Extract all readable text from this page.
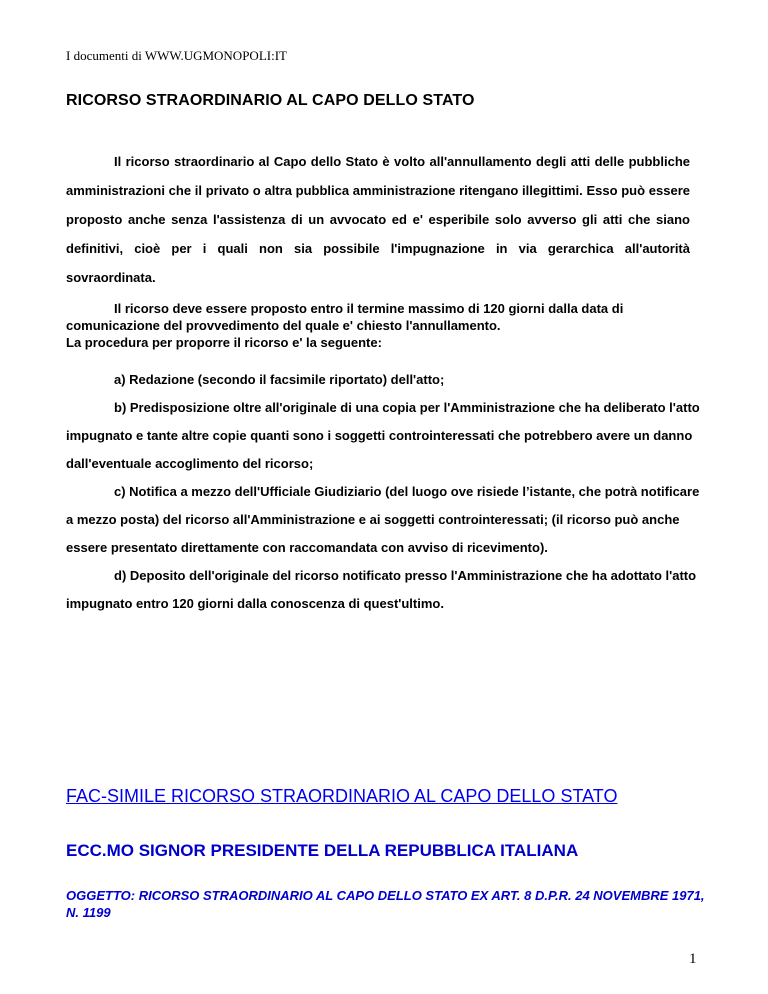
I documenti di WWW.UGMONOPOLI:IT
RICORSO STRAORDINARIO AL CAPO DELLO STATO

Il ricorso straordinario al Capo dello Stato è volto all'annullamento degli atti delle pubbliche amministrazioni che il privato o altra pubblica amministrazione ritengano illegittimi. Esso può essere proposto anche senza l'assistenza di un avvocato ed e' esperibile solo avverso gli atti che siano definitivi, cioè per i quali non sia possibile l'impugnazione in via gerarchica all'autorità sovraordinata.

Il ricorso deve essere proposto entro il termine massimo di 120 giorni dalla data di comunicazione del provvedimento del quale e' chiesto l'annullamento.

La procedura per proporre il ricorso e' la seguente:

a) Redazione (secondo il facsimile riportato) dell'atto;

b) Predisposizione oltre all'originale di una copia per l'Amministrazione che ha deliberato l'atto impugnato e tante altre copie quanti sono i soggetti controinteressati che potrebbero avere un danno dall'eventuale accoglimento del ricorso;

c) Notifica a mezzo dell'Ufficiale Giudiziario (del luogo ove risiede l’istante, che potrà notificare a mezzo posta) del ricorso all'Amministrazione e ai soggetti controinteressati; (il ricorso può anche essere presentato direttamente con raccomandata con avviso di ricevimento).

d) Deposito dell'originale del ricorso notificato presso l'Amministrazione che ha adottato l'atto impugnato entro 120 giorni dalla conoscenza di quest'ultimo.

FAC-SIMILE RICORSO STRAORDINARIO AL CAPO DELLO STATO
ECC.MO SIGNOR PRESIDENTE DELLA REPUBBLICA ITALIANA

OGGETTO: RICORSO STRAORDINARIO AL CAPO DELLO STATO EX ART. 8 D.P.R. 24 NOVEMBRE 1971, N. 1199

1
